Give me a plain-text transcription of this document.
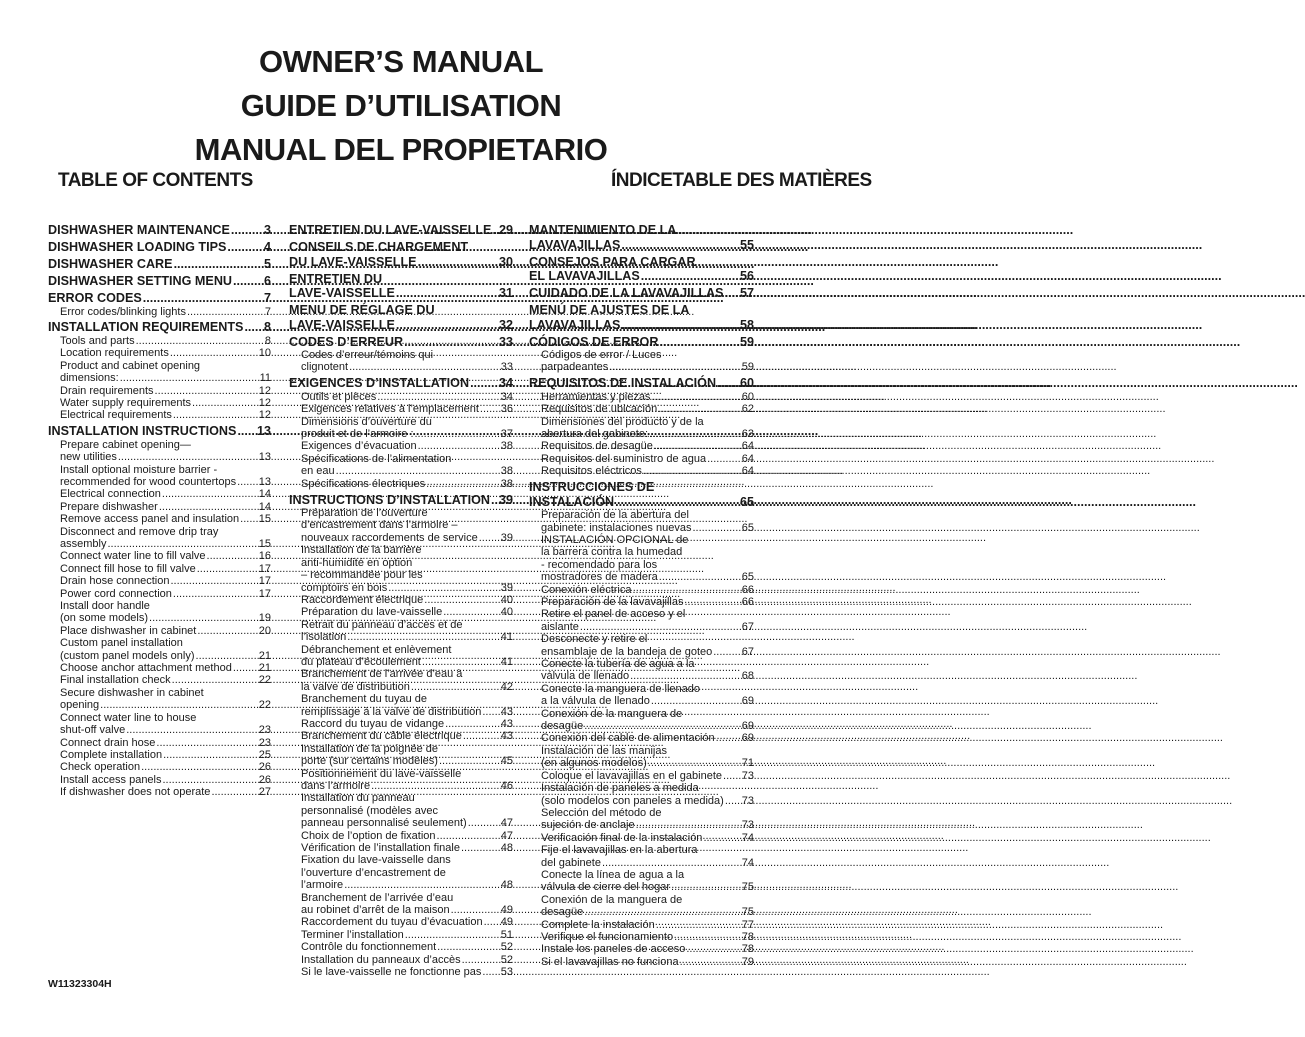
OWNER’S MANUAL
GUIDE D’UTILISATION
MANUAL DEL PROPIETARIO
TABLE OF CONTENTS	ÍNDICETABLE DES MATIÈRES
DISHWASHER MAINTENANCE .....	3
DISHWASHER LOADING TIPS .....	4
DISHWASHER CARE .....	5
DISHWASHER SETTING MENU .....	6
ERROR CODES .....	7
Error codes/blinking lights .....	7
INSTALLATION REQUIREMENTS ..... 8
Tools and parts .....	8
Location requirements .....	10
Product and cabinet opening
dimensions: .....	11
Drain requirements .....	12
Water supply requirements .....	12
Electrical requirements .....	12
INSTALLATION INSTRUCTIONS ..... 13
Prepare cabinet opening—
new utilities .....	13
Install optional moisture barrier -
recommended for wood countertops ..... 13
Electrical connection .....	14
Prepare dishwasher .....	14
Remove access panel and insulation ..... 15
Disconnect and remove drip tray
assembly .....	15
Connect water line to fill valve .....	16
Connect fill hose to fill valve .....	17
Drain hose connection .....	17
Power cord connection .....	17
Install door handle
(on some models) .....	19
Place dishwasher in cabinet .....	20
Custom panel installation
(custom panel models only) .....	21
Choose anchor attachment method ..... 21
Final installation check .....	22
Secure dishwasher in cabinet
opening .....	22
Connect water line to house
shut-off valve .....	23
Connect drain hose .....	23
Complete installation .....	25
Check operation .....	26
Install access panels .....	26
If dishwasher does not operate .....	27
ENTRETIEN DU LAVE-VAISSELLE ..... 29
CONSEILS DE CHARGEMENT
DU LAVE-VAISSELLE .....	30
ENTRETIEN DU
LAVE-VAISSELLE .....	31
MENU DE RÉGLAGE DU
LAVE-VAISSELLE .....	32
CODES D’ERREUR .....	33
Codes d’erreur/témoins qui
clignotent .....	33
EXIGENCES D’INSTALLATION ..... 34
Outils et pièces .....	34
Exigences relatives à l’emplacement ..... 36
Dimensions d’ouverture du
produit et de l’armoire : .....	37
Exigences d’évacuation .....	38
Spécifications de l’alimentation
en eau .....	38
Spécifications électriques .....	38
INSTRUCTIONS D’INSTALLATION ..... 39
Préparation de l’ouverture
d’encastrement dans l’armoire –
nouveaux raccordements de service ..... 39
Installation de la barrière
anti-humidité en option
– recommandée pour les
comptoirs en bois .....	39
Raccordement électrique .....	40
Préparation du lave-vaisselle .....	40
Retrait du panneau d’accès et de
l’isolation .....	41
Débranchement et enlèvement
du plateau d’écoulement .....	41
Branchement de l’arrivée d’eau à
la valve de distribution .....	42
Branchement du tuyau de
remplissage à la valve de distribution ..... 43
Raccord du tuyau de vidange .....	43
Branchement du câble électrique .....	43
Installation de la poignée de
porte (sur certains modèles) .....	45
Positionnement du lave-vaisselle
dans l’armoire .....	46
Installation du panneau
personnalisé (modèles avec
panneau personnalisé seulement) .....	47
Choix de l’option de fixation .....	47
Vérification de l’installation finale .....	48
Fixation du lave-vaisselle dans
l’ouverture d’encastrement de
l’armoire .....	48
Branchement de l’arrivée d’eau
au robinet d’arrêt de la maison .....	49
Raccordement du tuyau d’évacuation ..... 49
Terminer l’installation .....	51
Contrôle du fonctionnement .....	52
Installation du panneaux d’accès .....	52
Si le lave-vaisselle ne fonctionne pas ..... 53
MANTENIMIENTO DE LA
LAVAVAJILLAS .....	55
CONSEJOS PARA CARGAR
EL LAVAVAJILLAS .....	56
CUIDADO DE LA LAVAVAJILLAS ..... 57
MENÚ DE AJUSTES DE LA
LAVAVAJILLAS .....	58
CÓDIGOS DE ERROR .....	59
Códigos de error / Luces
parpadeantes .....	59
REQUISITOS DE INSTALACIÓN ..... 60
Herramientas y piezas .....	60
Requisitos de ubicación .....	62
Dimensiones del producto y de la
abertura del gabinete: .....	63
Requisitos de desagüe .....	64
Requisitos del suministro de agua .....	64
Requisitos eléctricos .....	64
INSTRUCCIONES DE
INSTALACIÓN .....	65
Preparación de la abertura del
gabinete: instalaciones nuevas .....	65
INSTALACIÓN OPCIONAL de
la barrera contra la humedad
- recomendado para los
mostradores de madera .....	65
Conexión eléctrica .....	66
Preparación de la lavavajillas .....	66
Retire el panel de acceso y el
aislante .....	67
Desconecte y retire el
ensamblaje de la bandeja de goteo .....	67
Conecte la tubería de agua a la
válvula de llenado .....	68
Conecte la manguera de llenado
a la válvula de llenado .....	69
Conexión de la manguera de
desagüe .....	69
Conexión del cable de alimentación ..... 69
Instalación de las manijas
(en algunos modelos) .....	71
Coloque el lavavajillas en el gabinete ..... 73
Instalación de paneles a medida
(solo modelos con paneles a medida) ..... 73
Selección del método de
sujeción de anclaje .....	73
Verificación final de la instalación .....	74
Fije el lavavajillas en la abertura
del gabinete .....	74
Conecte la línea de agua a la
válvula de cierre del hogar .....	75
Conexión de la manguera de
desagüe .....	75
Complete la instalación .....	77
Verifique el funcionamiento .....	78
Instale los paneles de acceso .....	78
Si el lavavajillas no funciona .....	79
W11323304H
